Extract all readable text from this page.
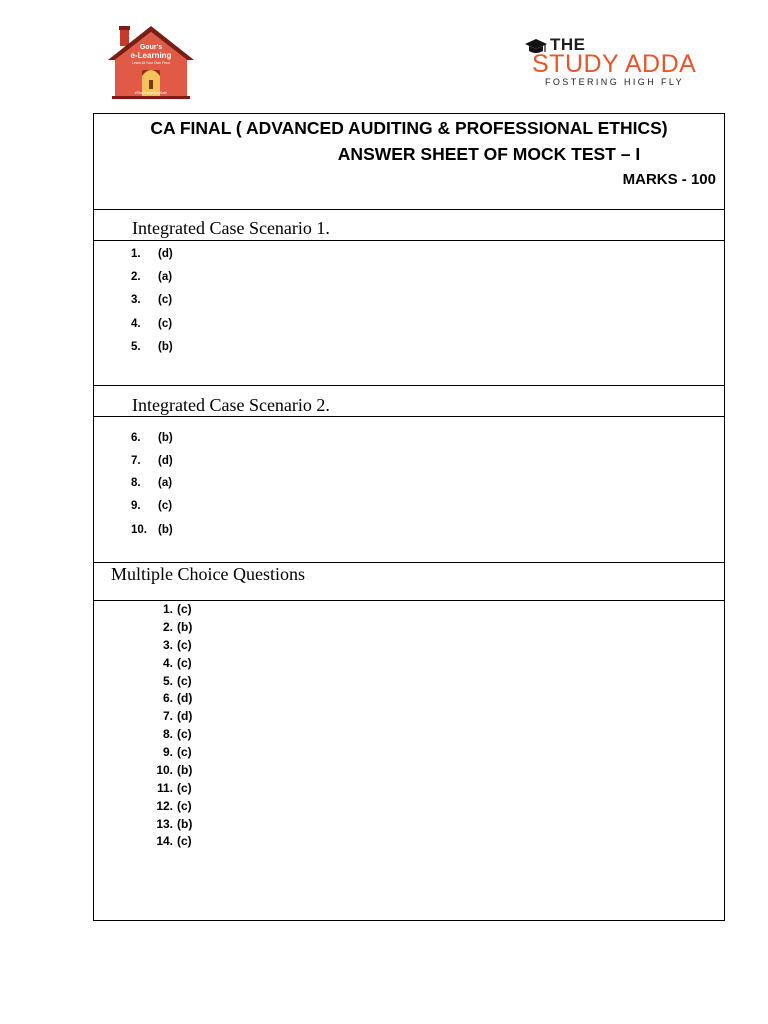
Gour's
e-Learning
Learn At Your Own Pace
#StayHomeStaySafe
THE
STUDY ADDA
FOSTERING HIGH FLY
CA FINAL ( ADVANCED AUDITING & PROFESSIONAL ETHICS)
ANSWER SHEET OF MOCK TEST – I
MARKS - 100
Integrated Case Scenario 1.
1. (d)
2. (a)
3. (c)
4. (c)
5. (b)
Integrated Case Scenario 2.
6. (b)
7. (d)
8. (a)
9. (c)
10. (b)
Multiple Choice Questions
1. (c)
2. (b)
3. (c)
4. (c)
5. (c)
6. (d)
7. (d)
8. (c)
9. (c)
10. (b)
11. (c)
12. (c)
13. (b)
14. (c)
